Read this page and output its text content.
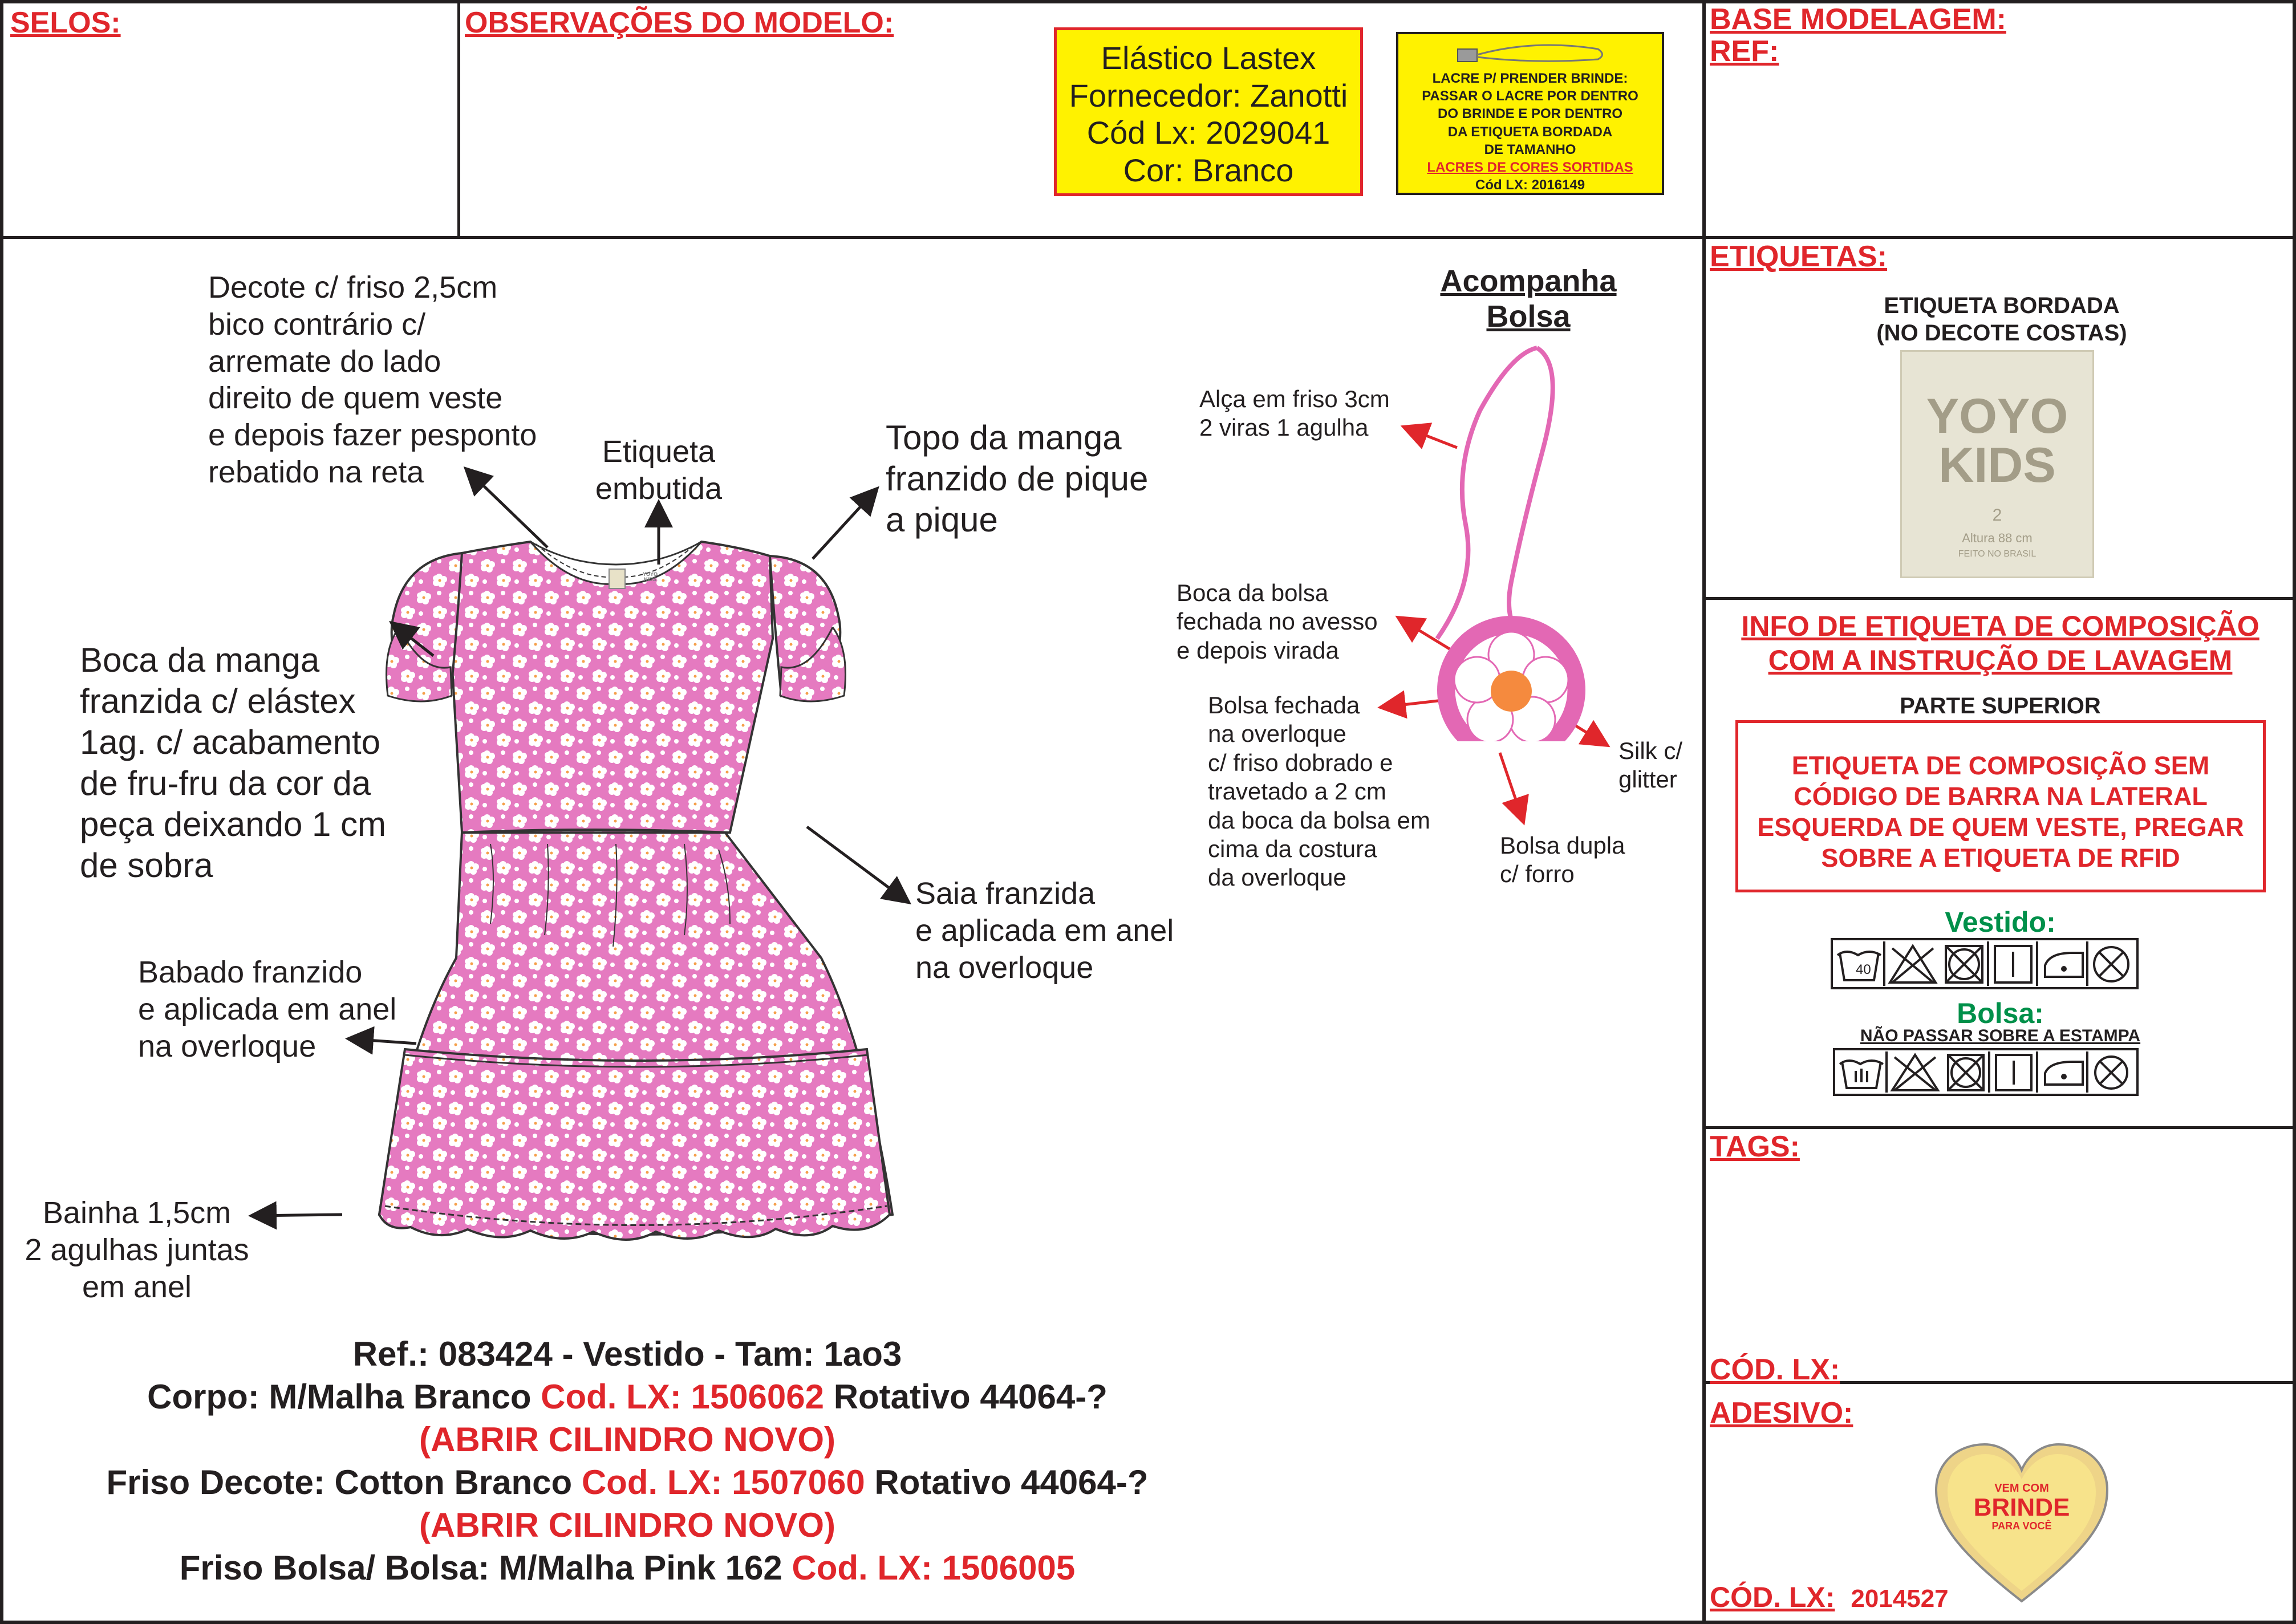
SELOS:	OBSERVAÇÕES DO MODELO:
Elástico Lastex
Fornecedor: Zanotti
Cód Lx: 2029041
Cor: Branco
LACRE P/ PRENDER BRINDE:
PASSAR O LACRE POR DENTRO
DO BRINDE E POR DENTRO
DA ETIQUETA BORDADA
DE TAMANHO
LACRES DE CORES SORTIDAS
Cód LX: 2016149
BASE MODELAGEM:
REF:
YOYO
KIDS
Decote c/ friso 2,5cm
bico contrário c/
arremate do lado
direito de quem veste
e depois fazer pesponto
rebatido na reta
Etiqueta
embutida
Topo da manga
franzido de pique
a pique
Boca da manga
franzida c/ elástex
1ag. c/ acabamento
de fru-fru da cor da
peça deixando 1 cm
de sobra
Saia franzida
e aplicada em anel
na overloque
Babado franzido
e aplicada em anel
na overloque
Bainha 1,5cm
2 agulhas juntas
em anel
Acompanha
Bolsa
Alça em friso 3cm
2 viras 1 agulha
Boca da bolsa
fechada no avesso
e depois virada
Bolsa fechada
na overloque
c/ friso dobrado e
travetado a 2 cm
da boca da bolsa em
cima da costura
da overloque
Silk c/
glitter
Bolsa dupla
c/ forro
Ref.: 083424 - Vestido - Tam: 1ao3
Corpo: M/Malha Branco Cod. LX: 1506062 Rotativo 44064-?
(ABRIR CILINDRO NOVO)
Friso Decote: Cotton Branco Cod. LX: 1507060 Rotativo 44064-?
(ABRIR CILINDRO NOVO)
Friso Bolsa/ Bolsa: M/Malha Pink 162 Cod. LX: 1506005
ETIQUETAS:
ETIQUETA BORDADA
(NO DECOTE COSTAS)
YOYO
KIDS
2
Altura 88 cm
FEITO NO BRASIL
INFO DE ETIQUETA DE COMPOSIÇÃO
COM A INSTRUÇÃO DE LAVAGEM
PARTE SUPERIOR
ETIQUETA DE COMPOSIÇÃO SEM
CÓDIGO DE BARRA NA LATERAL
ESQUERDA DE QUEM VESTE, PREGAR
SOBRE A ETIQUETA DE RFID
Vestido:
40
Bolsa:
NÃO PASSAR SOBRE A ESTAMPA
TAGS:
CÓD. LX:
ADESIVO:
VEM COM
BRINDE
PARA VOCÊ
CÓD. LX: 2014527
